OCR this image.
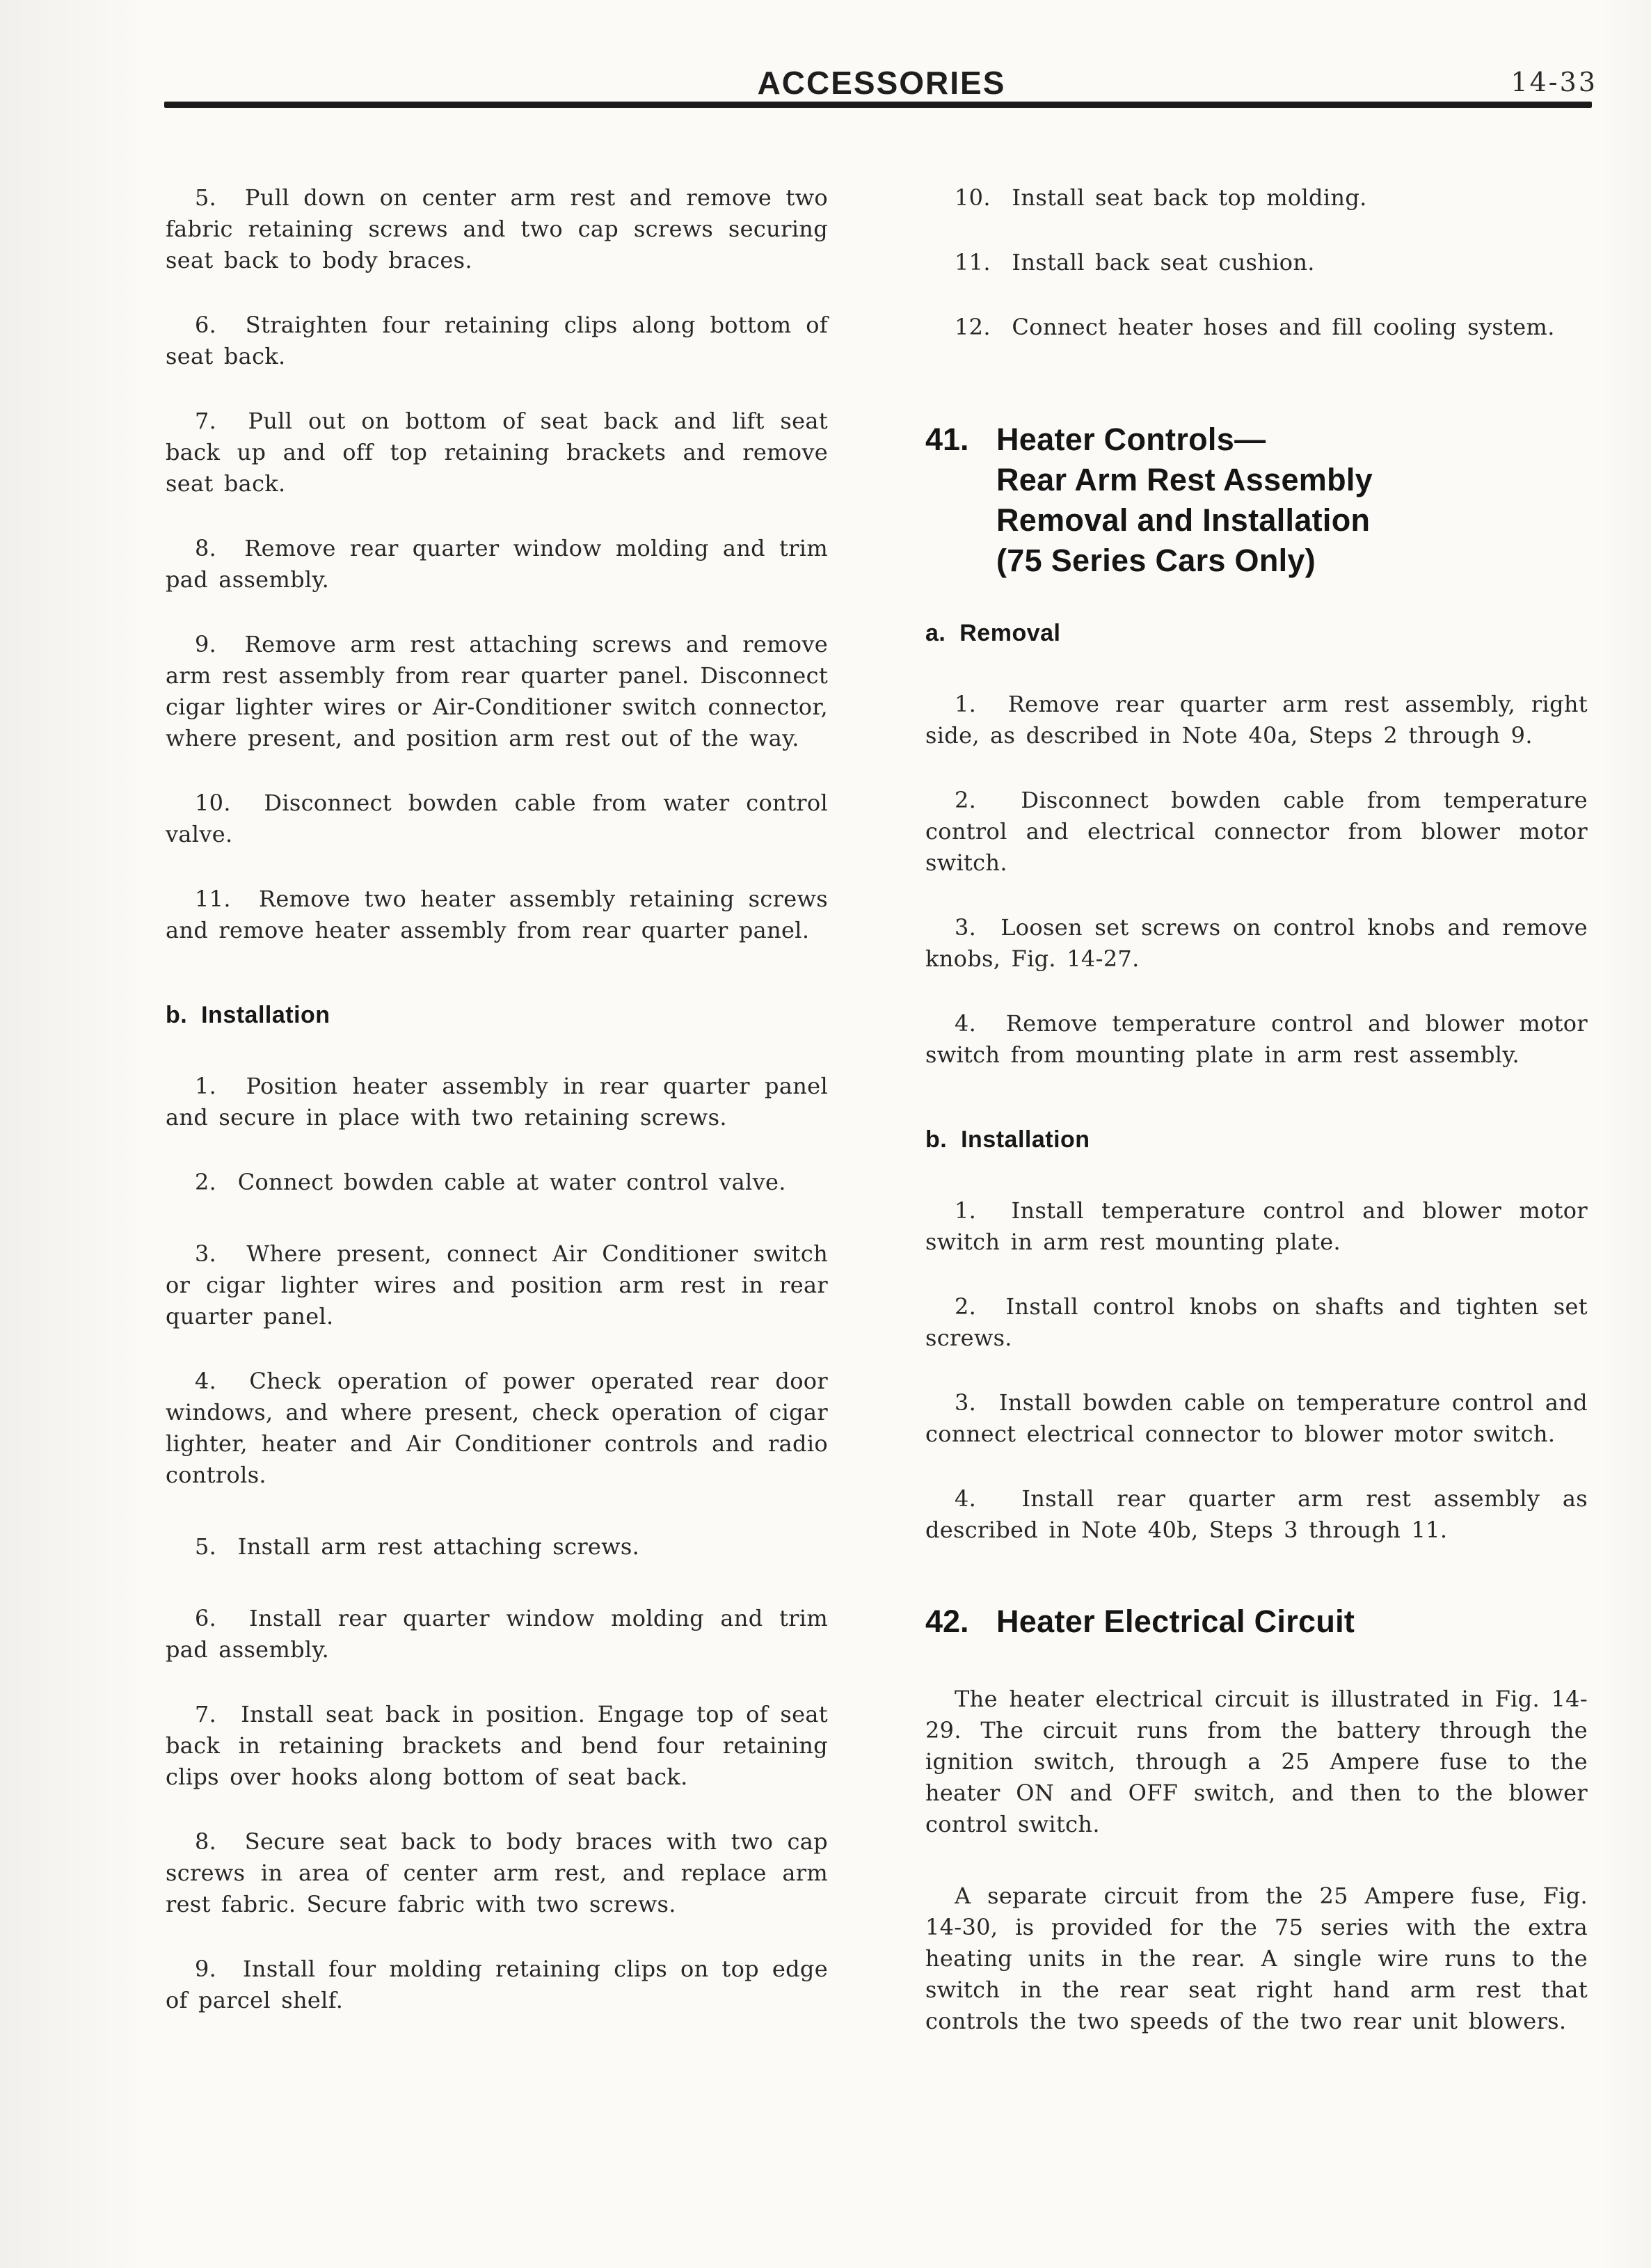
ACCESSORIES	14-33

5.  Pull down on center arm rest and remove two fabric retaining screws and two cap screws securing seat back to body braces.

6.  Straighten four retaining clips along bottom of seat back.

7.  Pull out on bottom of seat back and lift seat back up and off top retaining brackets and remove seat back.

8.  Remove rear quarter window molding and trim pad assembly.

9.  Remove arm rest attaching screws and remove arm rest assembly from rear quarter panel. Disconnect cigar lighter wires or Air-Conditioner switch connector, where present, and position arm rest out of the way.

10.  Disconnect bowden cable from water control valve.

11.  Remove two heater assembly retaining screws and remove heater assembly from rear quarter panel.

b.  Installation

1.  Position heater assembly in rear quarter panel and secure in place with two retaining screws.

2.  Connect bowden cable at water control valve.

3.  Where present, connect Air Conditioner switch or cigar lighter wires and position arm rest in rear quarter panel.

4.  Check operation of power operated rear door windows, and where present, check operation of cigar lighter, heater and Air Conditioner controls and radio controls.

5.  Install arm rest attaching screws.

6.  Install rear quarter window molding and trim pad assembly.

7.  Install seat back in position. Engage top of seat back in retaining brackets and bend four retaining clips over hooks along bottom of seat back.

8.  Secure seat back to body braces with two cap screws in area of center arm rest, and replace arm rest fabric. Secure fabric with two screws.

9.  Install four molding retaining clips on top edge of parcel shelf.

10.  Install seat back top molding.

11.  Install back seat cushion.

12.  Connect heater hoses and fill cooling system.

41. Heater Controls—
Rear Arm Rest Assembly
Removal and Installation
(75 Series Cars Only)
a.  Removal

1.  Remove rear quarter arm rest assembly, right side, as described in Note 40a, Steps 2 through 9.

2.  Disconnect bowden cable from temperature control and electrical connector from blower motor switch.

3.  Loosen set screws on control knobs and remove knobs, Fig. 14-27.

4.  Remove temperature control and blower motor switch from mounting plate in arm rest assembly.

b.  Installation

1.  Install temperature control and blower motor switch in arm rest mounting plate.

2.  Install control knobs on shafts and tighten set screws.

3.  Install bowden cable on temperature control and connect electrical connector to blower motor switch.

4.  Install rear quarter arm rest assembly as described in Note 40b, Steps 3 through 11.

42. Heater Electrical Circuit

The heater electrical circuit is illustrated in Fig. 14-29. The circuit runs from the battery through the ignition switch, through a 25 Ampere fuse to the heater ON and OFF switch, and then to the blower control switch.

A separate circuit from the 25 Ampere fuse, Fig. 14-30, is provided for the 75 series with the extra heating units in the rear. A single wire runs to the switch in the rear seat right hand arm rest that controls the two speeds of the two rear unit blowers.
